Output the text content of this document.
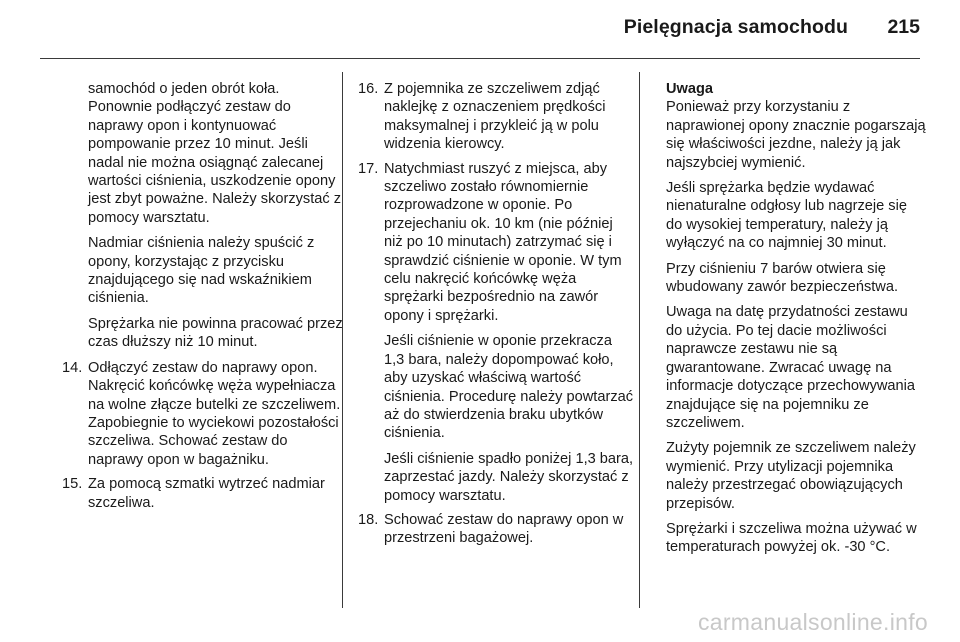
Pielęgnacja samochodu 215

samochód o jeden obrót koła. Ponownie podłączyć zestaw do naprawy opon i kontynuować pompowanie przez 10 minut. Jeśli nadal nie można osiągnąć zalecanej wartości ciśnienia, uszkodzenie opony jest zbyt poważne. Należy skorzystać z pomocy warsztatu.

Nadmiar ciśnienia należy spuścić z opony, korzystając z przycisku znajdującego się nad wskaźnikiem ciśnienia.

Sprężarka nie powinna pracować przez czas dłuższy niż 10 minut.

14. Odłączyć zestaw do naprawy opon. Nakręcić końcówkę węża wypełniacza na wolne złącze butelki ze szczeliwem. Zapobiegnie to wyciekowi pozostałości szczeliwa. Schować zestaw do naprawy opon w bagażniku.

15. Za pomocą szmatki wytrzeć nadmiar szczeliwa.

16. Z pojemnika ze szczeliwem zdjąć naklejkę z oznaczeniem prędkości maksymalnej i przykleić ją w polu widzenia kierowcy.

17. Natychmiast ruszyć z miejsca, aby szczeliwo zostało równomiernie rozprowadzone w oponie. Po przejechaniu ok. 10 km (nie później niż po 10 minutach) zatrzymać się i sprawdzić ciśnienie w oponie. W tym celu nakręcić końcówkę węża sprężarki bezpośrednio na zawór opony i sprężarki.

Jeśli ciśnienie w oponie przekracza 1,3 bara, należy dopompować koło, aby uzyskać właściwą wartość ciśnienia. Procedurę należy powtarzać aż do stwierdzenia braku ubytków ciśnienia.

Jeśli ciśnienie spadło poniżej 1,3 bara, zaprzestać jazdy. Należy skorzystać z pomocy warsztatu.

18. Schować zestaw do naprawy opon w przestrzeni bagażowej.

Uwaga

Ponieważ przy korzystaniu z naprawionej opony znacznie pogarszają się właściwości jezdne, należy ją jak najszybciej wymienić.

Jeśli sprężarka będzie wydawać nienaturalne odgłosy lub nagrzeje się do wysokiej temperatury, należy ją wyłączyć na co najmniej 30 minut.

Przy ciśnieniu 7 barów otwiera się wbudowany zawór bezpieczeństwa.

Uwaga na datę przydatności zestawu do użycia. Po tej dacie możliwości naprawcze zestawu nie są gwarantowane. Zwracać uwagę na informacje dotyczące przechowywania znajdujące się na pojemniku ze szczeliwem.

Zużyty pojemnik ze szczeliwem należy wymienić. Przy utylizacji pojemnika należy przestrzegać obowiązujących przepisów.

Sprężarki i szczeliwa można używać w temperaturach powyżej ok. -30 °C.

carmanualsonline.info
